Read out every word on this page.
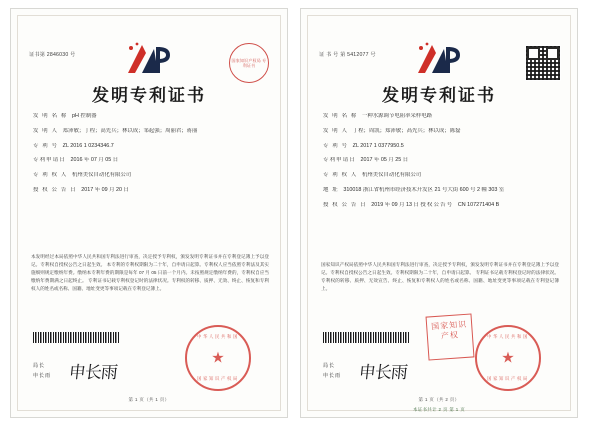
证书第 2846030 号
国家知识产权局 专利证书
发明专利证书
发 明 名 称 pH 控制器
发 明 人 郑沛敏；丁程；高先兵；林以成；邹起强；周丽君；蒋丽
专 利 号 ZL 2016 1 0234346.7
专利申请日 2016 年 07 月 05 日
专 利 权 人 杭州美仪自动化有限公司
授 权 公 告 日 2017 年 09 月 20 日
本发明经过本局依照中华人民共和国专利法进行审查，决定授予专利权，颁发发明专利证书并在专利登记簿上予以登记。专利权自授权公告之日起生效。 本专利的专利权期限为二十年，自申请日起算。专利权人应当依照专利法及其实施细则规定缴纳年费。缴纳本专利年费的期限是每年 07 月 05 日前一个月内。未按照规定缴纳年费的，专利权自应当缴纳年费期满之日起终止。 专利证书记载专利权登记时的法律状况。专利权的转移、质押、无效、终止、恢复和专利权人的姓名或名称、国籍、地址变更等事项记载在专利登记簿上。
局长
申长雨 申长雨
中华人民共和国
★
国家知识产权局
第 1 页（共 1 页）
证 书 号 第 5412077 号
发明专利证书
发 明 名 称 一种水源调节电阻率采样电路
发 明 人 丁程；周凯；郑沛敏；高先兵；林以成；陈磊
专 利 号 ZL 2017 1 0377950.5
专利申请日 2017 年 05 月 25 日
专 利 权 人 杭州美仪自动化有限公司
地 址 310018 浙江省杭州市经济技术开发区 21 号大街 600 号 2 幢 303 室
授 权 公 告 日 2019 年 09 月 13 日 授权公告号 CN 107271404 B
国家知识产权局依照中华人民共和国专利法进行审查，决定授予专利权，颁发发明专利证书并在专利登记簿上予以登记。专利权自授权公告之日起生效。专利权期限为二十年，自申请日起算。 专利证书记载专利权登记时的法律状况。专利权的转移、质押、无效宣告、终止、恢复和专利权人的姓名或名称、国籍、地址变更等事项记载在专利登记簿上。
局长
申长雨 申长雨
国家知识产权	中华人民共和国
★
国家知识产权局
第 1 页（共 2 页）
本证书共计 2 页 第 1 页
